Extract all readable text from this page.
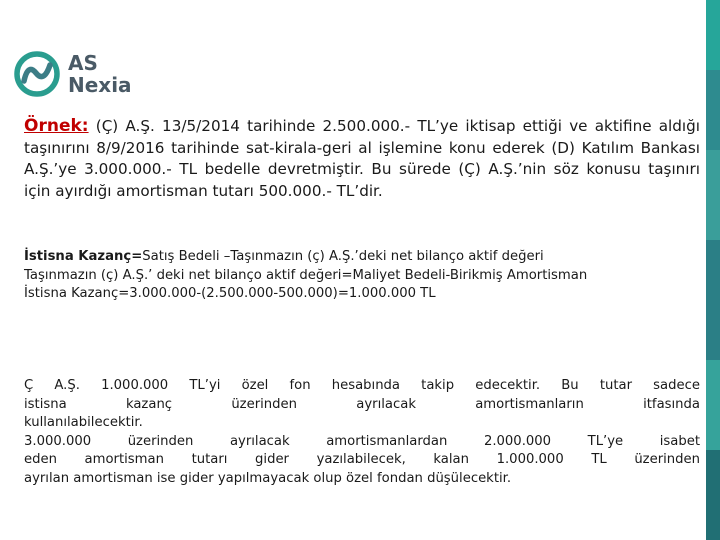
AS
Nexia
Örnek: (Ç) A.Ş. 13/5/2014 tarihinde 2.500.000.- TL’ye iktisap ettiği ve aktifine aldığı taşınırını 8/9/2016 tarihinde sat-kirala-geri al işlemine konu ederek (D) Katılım Bankası A.Ş.’ye 3.000.000.- TL bedelle devretmiştir. Bu sürede (Ç) A.Ş.’nin söz konusu taşınırı için ayırdığı amortisman tutarı 500.000.- TL’dir.
İstisna Kazanç=Satış Bedeli –Taşınmazın (ç) A.Ş.’deki net bilanço aktif değeri
Taşınmazın (ç) A.Ş.’ deki net bilanço aktif değeri=Maliyet Bedeli-Birikmiş Amortisman
İstisna Kazanç=3.000.000-(2.500.000-500.000)=1.000.000 TL
Ç A.Ş. 1.000.000 TL’yi özel fon hesabında takip edecektir. Bu tutar sadece
istisna kazanç üzerinden ayrılacak amortismanların itfasında
kullanılabilecektir.
3.000.000 üzerinden ayrılacak amortismanlardan 2.000.000 TL’ye isabet
eden amortisman tutarı gider yazılabilecek, kalan 1.000.000 TL üzerinden
ayrılan amortisman ise gider yapılmayacak olup özel fondan düşülecektir.
